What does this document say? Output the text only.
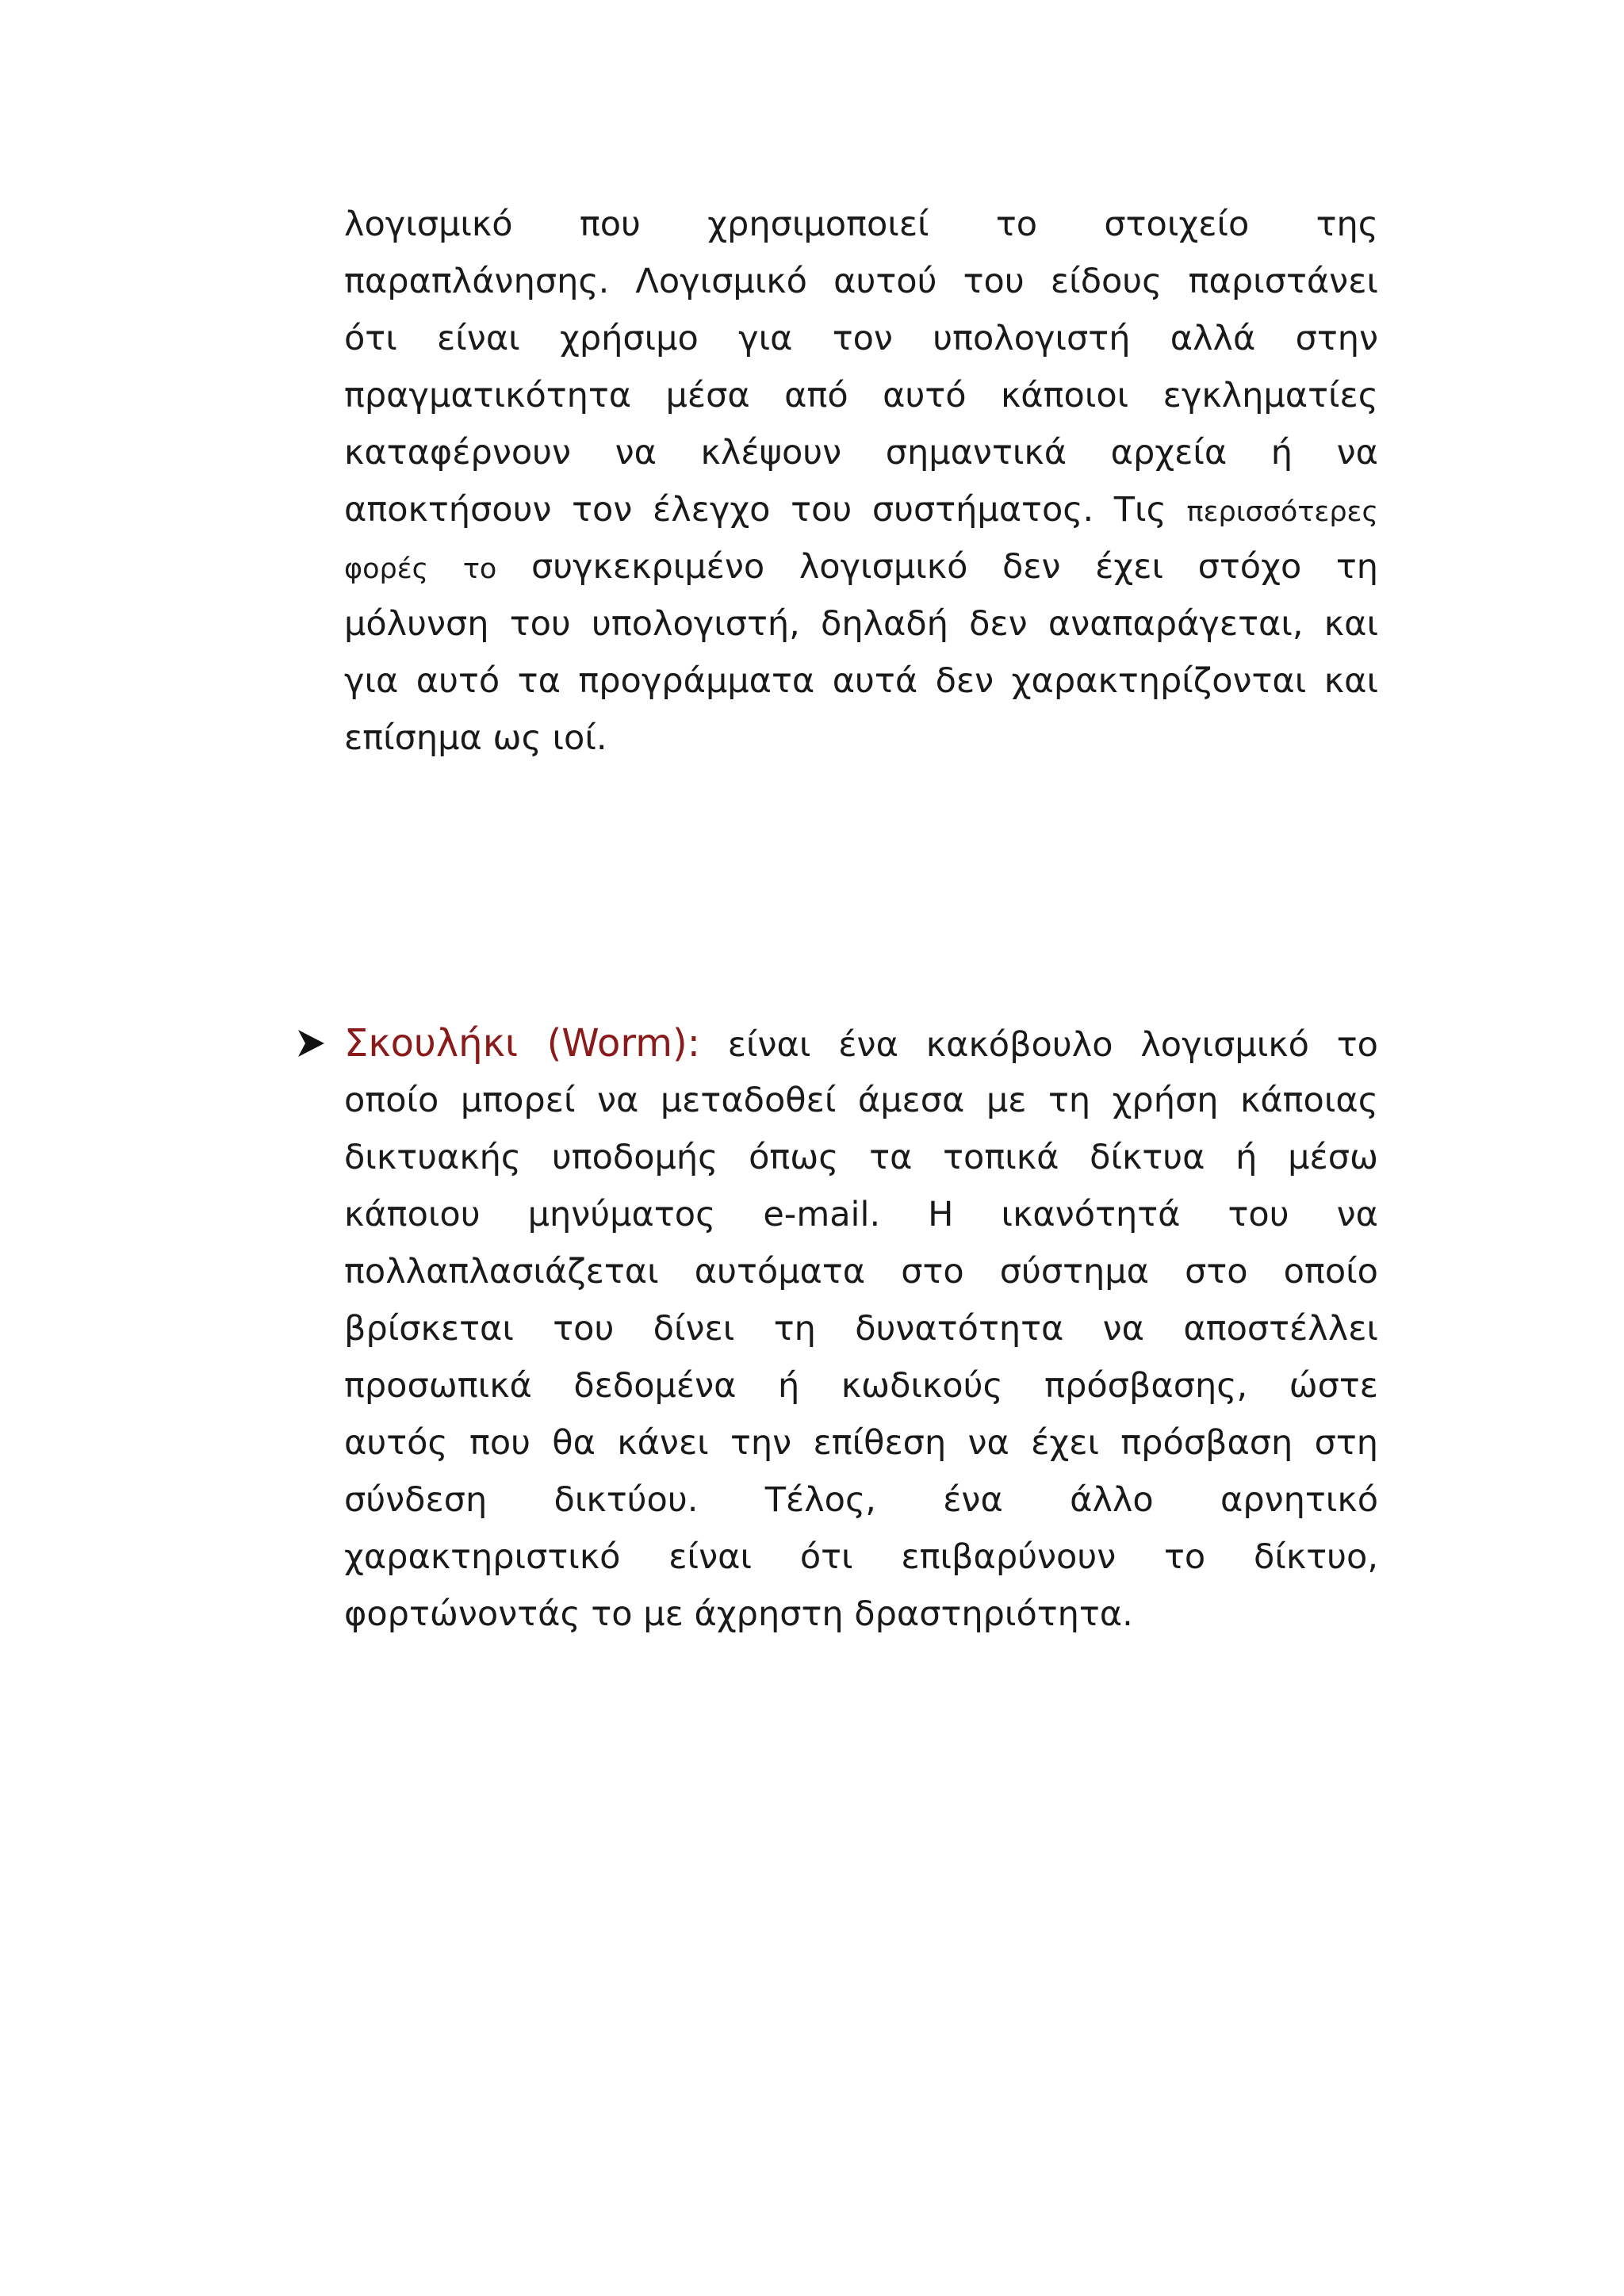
λογισμικό που χρησιμοποιεί το στοιχείο της
παραπλάνησης. Λογισμικό αυτού του είδους παριστάνει
ότι είναι χρήσιμο για τον υπολογιστή αλλά στην
πραγματικότητα μέσα από αυτό κάποιοι εγκληματίες
καταφέρνουν να κλέψουν σημαντικά αρχεία ή να
αποκτήσουν τον έλεγχο του συστήματος. Τις περισσότερες
φορές το συγκεκριμένο λογισμικό δεν έχει στόχο τη
μόλυνση του υπολογιστή, δηλαδή δεν αναπαράγεται, και
για αυτό τα προγράμματα αυτά δεν χαρακτηρίζονται και
επίσημα ως ιοί.
Σκουλήκι (Worm): είναι ένα κακόβουλο λογισμικό το
οποίο μπορεί να μεταδοθεί άμεσα με τη χρήση κάποιας
δικτυακής υποδομής όπως τα τοπικά δίκτυα ή μέσω
κάποιου μηνύματος e-mail. Η ικανότητά του να
πολλαπλασιάζεται αυτόματα στο σύστημα στο οποίο
βρίσκεται του δίνει τη δυνατότητα να αποστέλλει
προσωπικά δεδομένα ή κωδικούς πρόσβασης, ώστε
αυτός που θα κάνει την επίθεση να έχει πρόσβαση στη
σύνδεση δικτύου. Τέλος, ένα άλλο αρνητικό
χαρακτηριστικό είναι ότι επιβαρύνουν το δίκτυο,
φορτώνοντάς το με άχρηστη δραστηριότητα.
